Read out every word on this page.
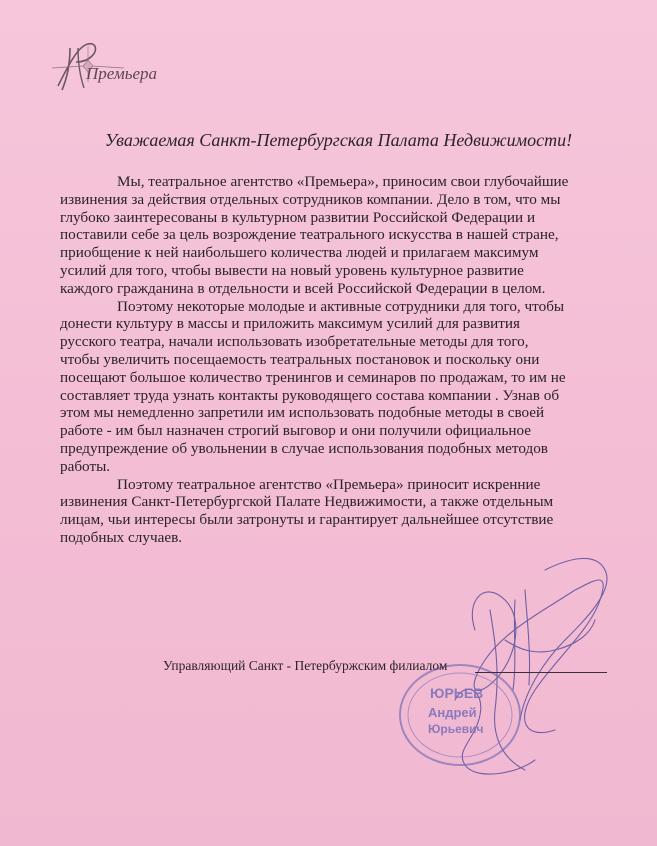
Премьера
Уважаемая Санкт-Петербургская Палата Недвижимости!
Мы, театральное агентство «Премьера», приносим свои глубочайшие
извинения за действия отдельных сотрудников компании. Дело в том, что мы
глубоко заинтересованы в культурном развитии Российской Федерации и
поставили себе за цель возрождение театрального искусства в нашей стране,
приобщение к ней наибольшего количества людей и прилагаем максимум
усилий для того, чтобы вывести на новый уровень культурное развитие
каждого гражданина в отдельности и всей Российской Федерации в целом.
Поэтому некоторые молодые и активные сотрудники для того, чтобы
донести культуру в массы и приложить максимум усилий для развития
русского театра, начали использовать изобретательные методы для того,
чтобы увеличить посещаемость театральных постановок и поскольку они
посещают большое количество тренингов и семинаров по продажам, то им не
составляет труда узнать контакты руководящего состава компании . Узнав об
этом мы немедленно запретили им использовать подобные методы в своей
работе - им был назначен строгий выговор и они получили официальное
предупреждение об увольнении в случае использования подобных методов
работы.
Поэтому театральное агентство «Премьера» приносит искренние
извинения Санкт-Петербургской Палате Недвижимости, а также отдельным
лицам, чьи интересы были затронуты и гарантирует дальнейшее отсутствие
подобных случаев.
ЮРЬЕВ
Андрей
Юрьевич
Управляющий Санкт - Петербуржским филиалом
